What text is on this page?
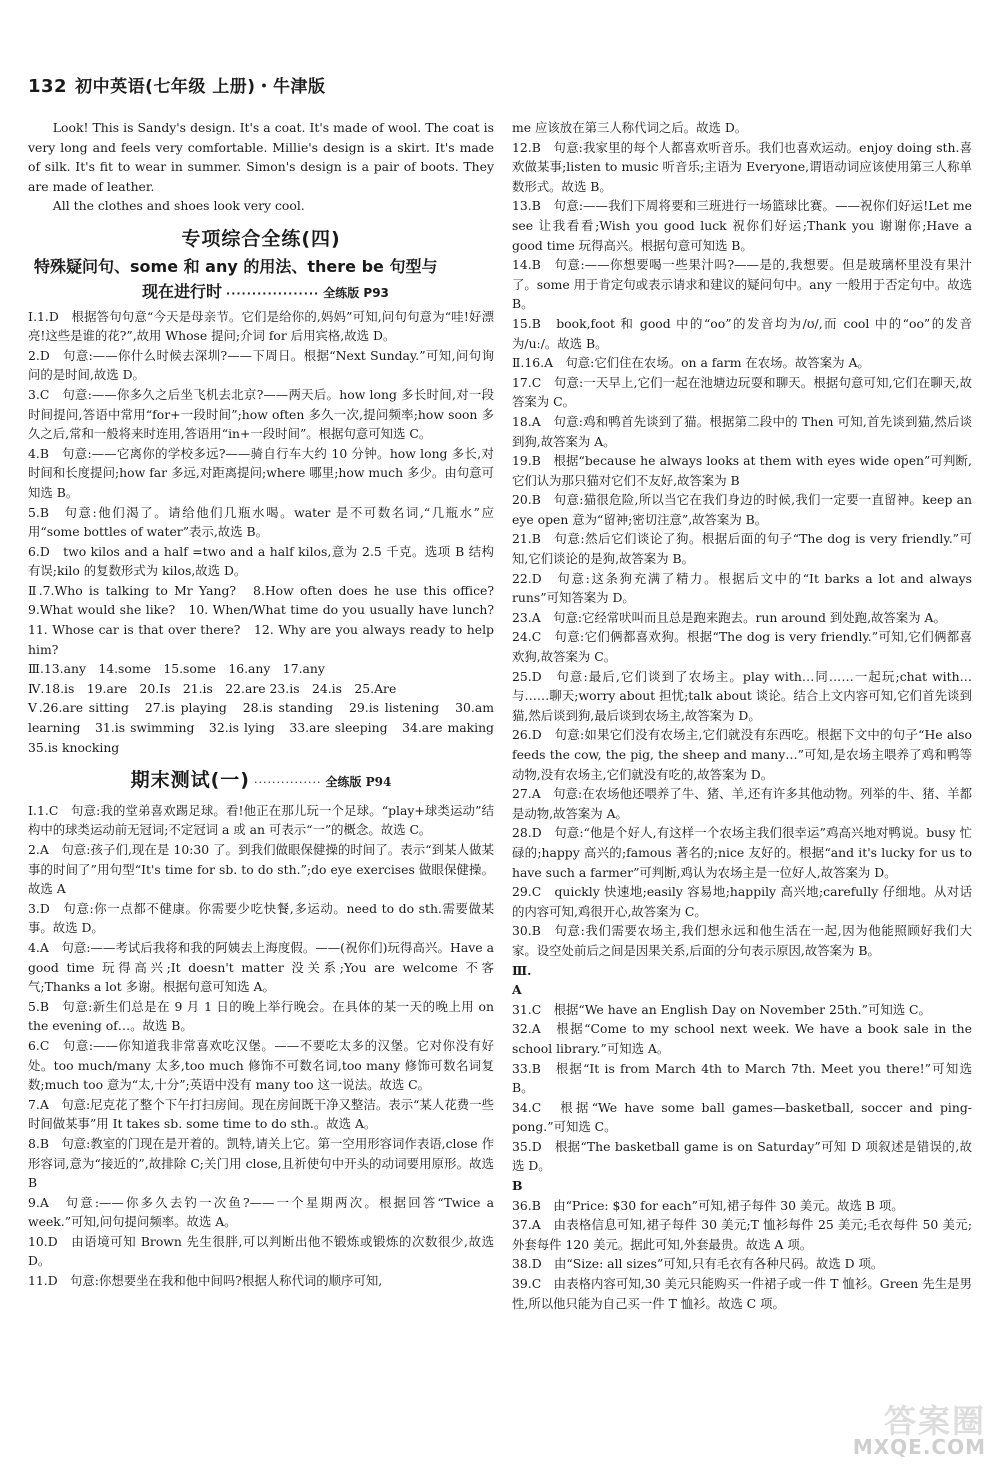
132 初中英语(七年级 上册)・牛津版

Look! This is Sandy's design. It's a coat. It's made of wool. The coat is very long and feels very comfortable. Millie's design is a skirt. It's made of silk. It's fit to wear in summer. Simon's design is a pair of boots. They are made of leather.

All the clothes and shoes look very cool.

专项综合全练(四)
特殊疑问句、some 和 any 的用法、there be 句型与
现在进行时 ·················· 全练版 P93

Ⅰ.1.D　根据答句句意“今天是母亲节。它们是给你的,妈妈”可知,问句句意为“哇!好漂亮!这些是谁的花?”,故用 Whose 提问;介词 for 后用宾格,故选 D。

2.D　句意:——你什么时候去深圳?——下周日。根据“Next Sunday.”可知,问句询问的是时间,故选 D。

3.C　句意:——你多久之后坐飞机去北京?——两天后。how long 多长时间,对一段时间提问,答语中常用“for+一段时间”;how often 多久一次,提问频率;how soon 多久之后,常和一般将来时连用,答语用“in+一段时间”。根据句意可知选 C。

4.B　句意:——它离你的学校多远?——骑自行车大约 10 分钟。how long 多长,对时间和长度提问;how far 多远,对距离提问;where 哪里;how much 多少。由句意可知选 B。

5.B　句意:他们渴了。请给他们几瓶水喝。water 是不可数名词,“几瓶水”应用“some bottles of water”表示,故选 B。

6.D　two kilos and a half =two and a half kilos,意为 2.5 千克。选项 B 结构有误;kilo 的复数形式为 kilos,故选 D。

Ⅱ.7.Who is talking to Mr Yang?　8.How often does he use this office?　9.What would she like?　10. When/What time do you usually have lunch?　11. Whose car is that over there?　12. Why are you always ready to help him?

Ⅲ.13.any　14.some　15.some　16.any　17.any

Ⅳ.18.is　19.are　20.Is　21.is　22.are 23.is　24.is　25.Are

Ⅴ.26.are sitting　27.is playing　28.is standing　29.is listening　30.am learning　31.is swimming　32.is lying　33.are sleeping　34.are making　35.is knocking

期末测试(一) ··············· 全练版 P94

Ⅰ.1.C　句意:我的堂弟喜欢踢足球。看!他正在那儿玩一个足球。“play+球类运动”结构中的球类运动前无冠词;不定冠词 a 或 an 可表示“一”的概念。故选 C。

2.A　句意:孩子们,现在是 10:30 了。到我们做眼保健操的时间了。表示“到某人做某事的时间了”用句型“It's time for sb. to do sth.”;do eye exercises 做眼保健操。故选 A

3.D　句意:你一点都不健康。你需要少吃快餐,多运动。need to do sth.需要做某事。故选 D。

4.A　句意:——考试后我将和我的阿姨去上海度假。——(祝你们)玩得高兴。Have a good time 玩得高兴;It doesn't matter 没关系;You are welcome 不客气;Thanks a lot 多谢。根据句意可知选 A。

5.B　句意:新生们总是在 9 月 1 日的晚上举行晚会。在具体的某一天的晚上用 on the evening of…。故选 B。

6.C　句意:——你知道我非常喜欢吃汉堡。——不要吃太多的汉堡。它对你没有好处。too much/many 太多,too much 修饰不可数名词,too many 修饰可数名词复数;much too 意为“太,十分”;英语中没有 many too 这一说法。故选 C。

7.A　句意:尼克花了整个下午打扫房间。现在房间既干净又整洁。表示“某人花费一些时间做某事”用 It takes sb. some time to do sth.。故选 A。

8.B　句意:教室的门现在是开着的。凯特,请关上它。第一空用形容词作表语,close 作形容词,意为“接近的”,故排除 C;关门用 close,且祈使句中开头的动词要用原形。故选 B

9.A　句意:——你多久去钓一次鱼?——一个星期两次。根据回答“Twice a week.”可知,问句提问频率。故选 A。

10.D　由语境可知 Brown 先生很胖,可以判断出他不锻炼或锻炼的次数很少,故选 D。

11.D　句意:你想要坐在我和他中间吗?根据人称代词的顺序可知,

me 应该放在第三人称代词之后。故选 D。

12.B　句意:我家里的每个人都喜欢听音乐。我们也喜欢运动。enjoy doing sth.喜欢做某事;listen to music 听音乐;主语为 Everyone,谓语动词应该使用第三人称单数形式。故选 B。

13.B　句意:——我们下周将要和三班进行一场篮球比赛。——祝你们好运!Let me see 让我看看;Wish you good luck 祝你们好运;Thank you 谢谢你;Have a good time 玩得高兴。根据句意可知选 B。

14.B　句意:——你想要喝一些果汁吗?——是的,我想要。但是玻璃杯里没有果汁了。some 用于肯定句或表示请求和建议的疑问句中。any 一般用于否定句中。故选 B。

15.B　book,foot 和 good 中的“oo”的发音均为/ʊ/,而 cool 中的“oo”的发音为/uː/。故选 B。

Ⅱ.16.A　句意:它们住在农场。on a farm 在农场。故答案为 A。

17.C　句意:一天早上,它们一起在池塘边玩耍和聊天。根据句意可知,它们在聊天,故答案为 C。

18.A　句意:鸡和鸭首先谈到了猫。根据第二段中的 Then 可知,首先谈到猫,然后谈到狗,故答案为 A。

19.B　根据“because he always looks at them with eyes wide open”可判断,它们认为那只猫对它们不友好,故答案为 B

20.B　句意:猫很危险,所以当它在我们身边的时候,我们一定要一直留神。keep an eye open 意为“留神;密切注意”,故答案为 B。

21.B　句意:然后它们谈论了狗。根据后面的句子“The dog is very friendly.”可知,它们谈论的是狗,故答案为 B。

22.D　句意:这条狗充满了精力。根据后文中的“It barks a lot and always runs”可知答案为 D。

23.A　句意:它经常吠叫而且总是跑来跑去。run around 到处跑,故答案为 A。

24.C　句意:它们俩都喜欢狗。根据“The dog is very friendly.”可知,它们俩都喜欢狗,故答案为 C。

25.D　句意:最后,它们谈到了农场主。play with…同……一起玩;chat with…与……聊天;worry about 担忧;talk about 谈论。结合上文内容可知,它们首先谈到猫,然后谈到狗,最后谈到农场主,故答案为 D。

26.D　句意:如果它们没有农场主,它们就没有东西吃。根据下文中的句子“He also feeds the cow, the pig, the sheep and many…”可知,是农场主喂养了鸡和鸭等动物,没有农场主,它们就没有吃的,故答案为 D。

27.A　句意:在农场他还喂养了牛、猪、羊,还有许多其他动物。列举的牛、猪、羊都是动物,故答案为 A。

28.D　句意:“他是个好人,有这样一个农场主我们很幸运”鸡高兴地对鸭说。busy 忙碌的;happy 高兴的;famous 著名的;nice 友好的。根据“and it's lucky for us to have such a farmer”可判断,鸡认为农场主是一位好人,故答案为 D。

29.C　quickly 快速地;easily 容易地;happily 高兴地;carefully 仔细地。从对话的内容可知,鸡很开心,故答案为 C。

30.B　句意:我们需要农场主,我们想永远和他生活在一起,因为他能照顾好我们大家。设空处前后之间是因果关系,后面的分句表示原因,故答案为 B。

Ⅲ.

A

31.C　根据“We have an English Day on November 25th.”可知选 C。

32.A　根据“Come to my school next week. We have a book sale in the school library.”可知选 A。

33.B　根据“It is from March 4th to March 7th. Meet you there!”可知选 B。

34.C　根据“We have some ball games—basketball, soccer and ping-pong.”可知选 C。

35.D　根据“The basketball game is on Saturday”可知 D 项叙述是错误的,故选 D。

B

36.B　由“Price: $30 for each”可知,裙子每件 30 美元。故选 B 项。

37.A　由表格信息可知,裙子每件 30 美元;T 恤衫每件 25 美元;毛衣每件 50 美元;外套每件 120 美元。据此可知,外套最贵。故选 A 项。

38.D　由“Size: all sizes”可知,只有毛衣有各种尺码。故选 D 项。

39.C　由表格内容可知,30 美元只能购买一件裙子或一件 T 恤衫。Green 先生是男性,所以他只能为自己买一件 T 恤衫。故选 C 项。

答案圈
MXQE.COM
